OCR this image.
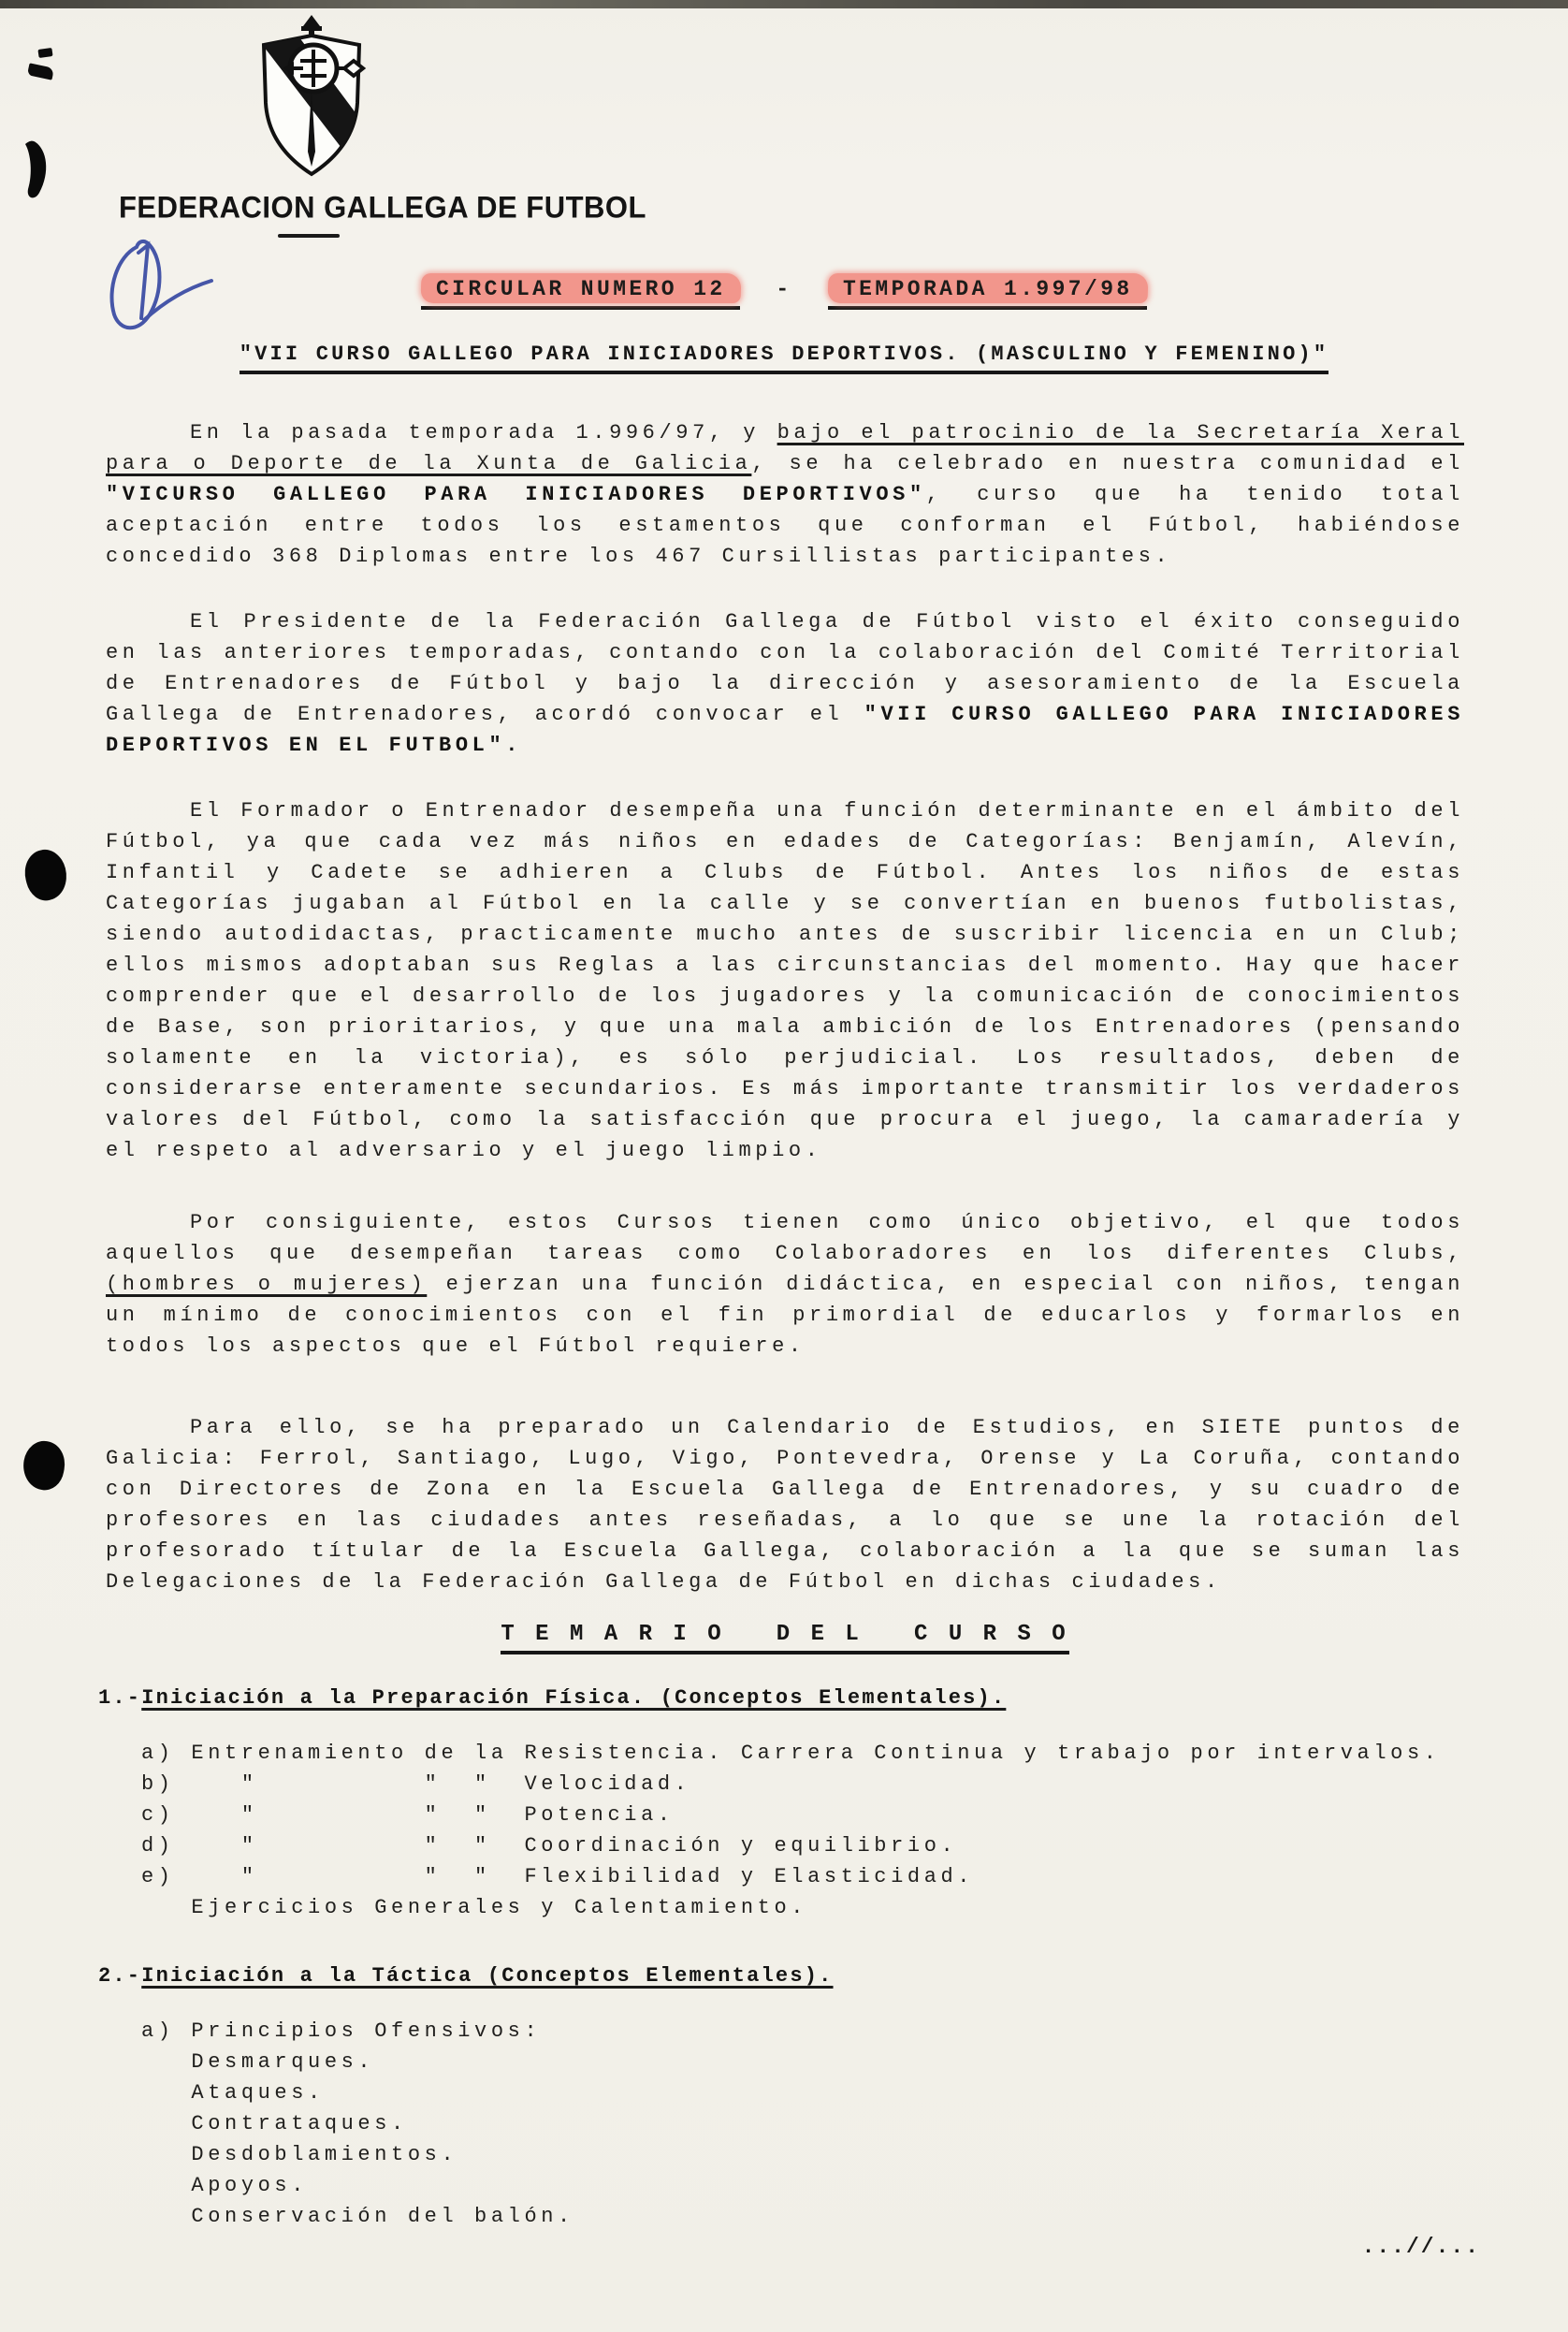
FEDERACION GALLEGA DE FUTBOL
CIRCULAR NUMERO 12 - TEMPORADA 1.997/98
"VII CURSO GALLEGO PARA INICIADORES DEPORTIVOS. (MASCULINO Y FEMENINO)"

En la pasada temporada 1.996/97, y bajo el patrocinio de la Secretaría Xeral para o Deporte de la Xunta de Galicia, se ha celebrado en nuestra comunidad el "VICURSO GALLEGO PARA INICIADORES DEPORTIVOS", curso que ha tenido total aceptación entre todos los estamentos que conforman el Fútbol, habiéndose concedido 368 Diplomas entre los 467 Cursillistas participantes.

El Presidente de la Federación Gallega de Fútbol visto el éxito conseguido en las anteriores temporadas, contando con la colaboración del Comité Territorial de Entrenadores de Fútbol y bajo la dirección y asesoramiento de la Escuela Gallega de Entrenadores, acordó convocar el "VII CURSO GALLEGO PARA INICIADORES DEPORTIVOS EN EL FUTBOL".

El Formador o Entrenador desempeña una función determinante en el ámbito del Fútbol, ya que cada vez más niños en edades de Categorías: Benjamín, Alevín, Infantil y Cadete se adhieren a Clubs de Fútbol. Antes los niños de estas Categorías jugaban al Fútbol en la calle y se convertían en buenos futbolistas, siendo autodidactas, practicamente mucho antes de suscribir licencia en un Club; ellos mismos adoptaban sus Reglas a las circunstancias del momento. Hay que hacer comprender que el desarrollo de los jugadores y la comunicación de conocimientos de Base, son prioritarios, y que una mala ambición de los Entrenadores (pensando solamente en la victoria), es sólo perjudicial. Los resultados, deben de considerarse enteramente secundarios. Es más importante transmitir los verdaderos valores del Fútbol, como la satisfacción que procura el juego, la camaradería y el respeto al adversario y el juego limpio.

Por consiguiente, estos Cursos tienen como único objetivo, el que todos aquellos que desempeñan tareas como Colaboradores en los diferentes Clubs, (hombres o mujeres) ejerzan una función didáctica, en especial con niños, tengan un mínimo de conocimientos con el fin primordial de educarlos y formarlos en todos los aspectos que el Fútbol requiere.

Para ello, se ha preparado un Calendario de Estudios, en SIETE puntos de Galicia: Ferrol, Santiago, Lugo, Vigo, Pontevedra, Orense y La Coruña, contando con Directores de Zona en la Escuela Gallega de Entrenadores, y su cuadro de profesores en las ciudades antes reseñadas, a lo que se une la rotación del profesorado títular de la Escuela Gallega, colaboración a la que se suman las Delegaciones de la Federación Gallega de Fútbol en dichas ciudades.

T E M A R I O   D E L   C U R S O
1.-Iniciación a la Preparación Física. (Conceptos Elementales).
a) Entrenamiento de la Resistencia. Carrera Continua y trabajo por intervalos.
b)    "          "  "  Velocidad.
c)    "          "  "  Potencia.
d)    "          "  "  Coordinación y equilibrio.
e)    "          "  "  Flexibilidad y Elasticidad.
Ejercicios Generales y Calentamiento.
2.-Iniciación a la Táctica (Conceptos Elementales).
a) Principios Ofensivos:
Desmarques.
Ataques.
Contrataques.
Desdoblamientos.
Apoyos.
Conservación del balón.
...//...
